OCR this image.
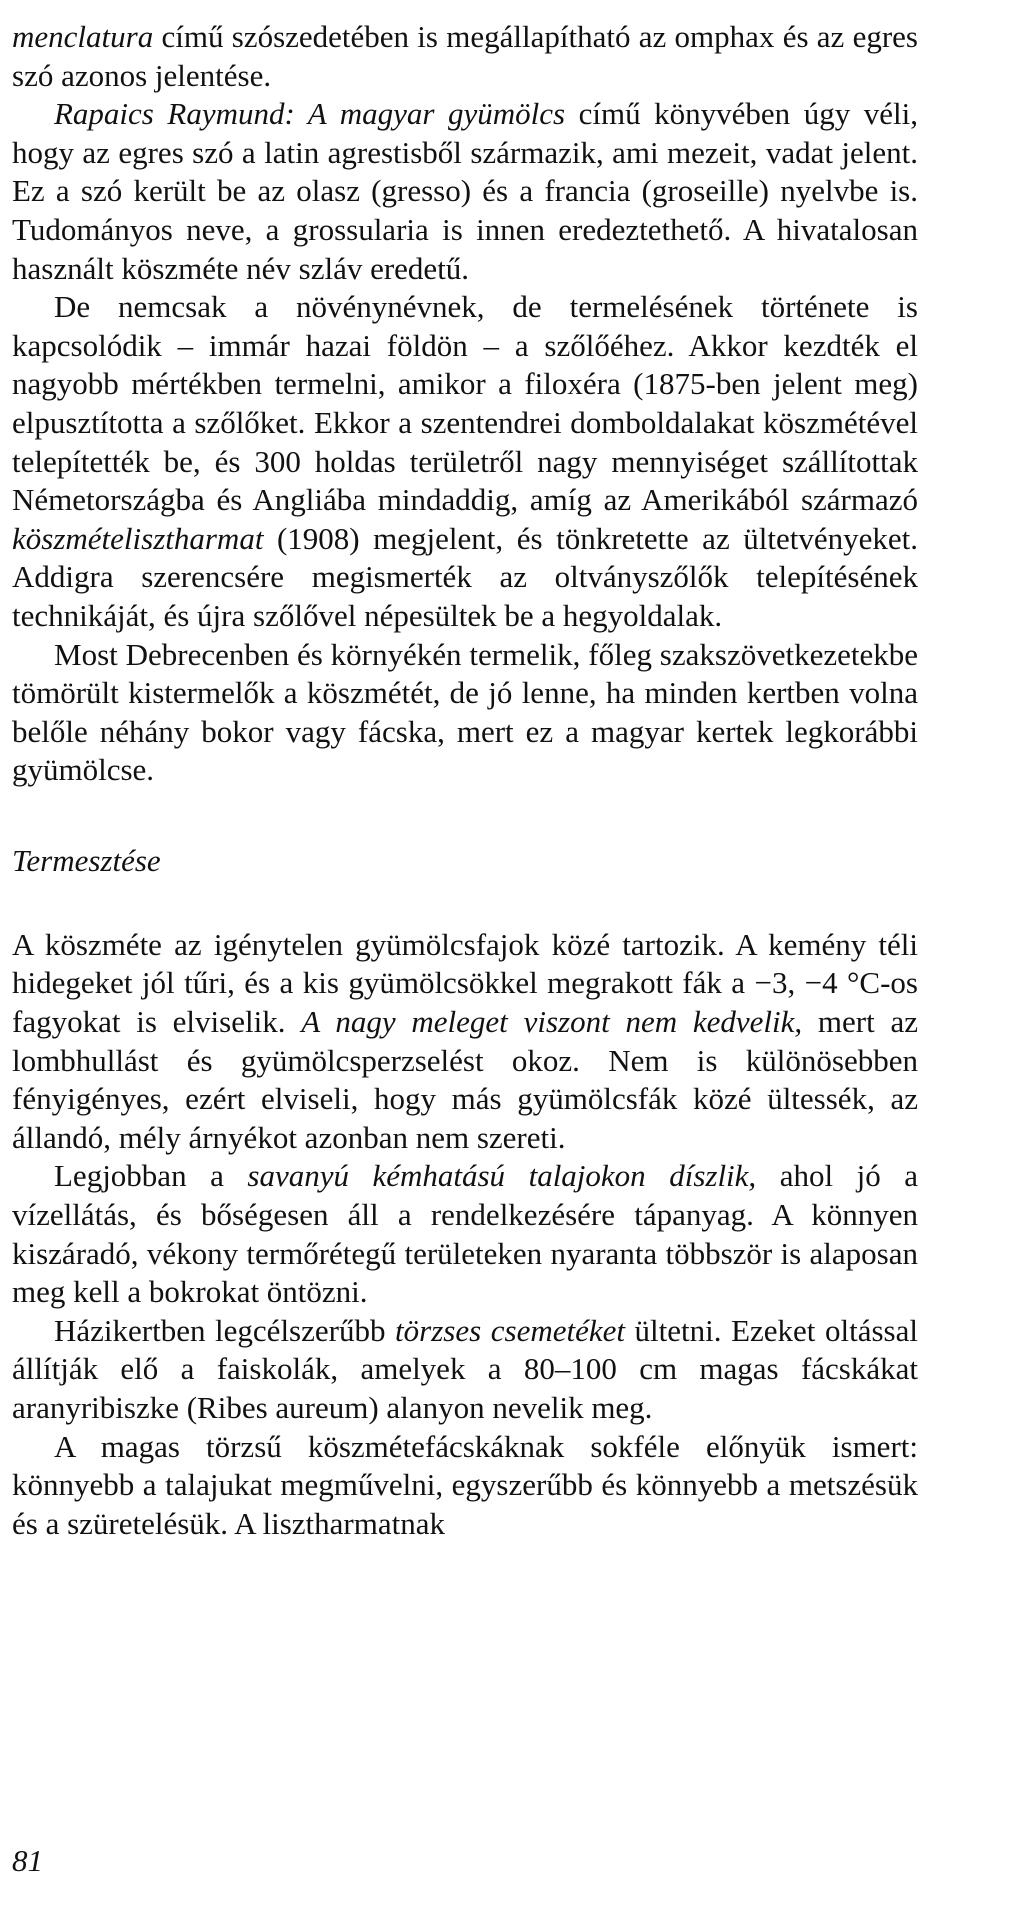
menclatura című szószedetében is megállapítható az omphax és az egres szó azonos jelentése.

Rapaics Raymund: A magyar gyümölcs című könyvében úgy véli, hogy az egres szó a latin agrestisből származik, ami mezeit, vadat jelent. Ez a szó került be az olasz (gresso) és a francia (groseille) nyelvbe is. Tudományos neve, a grossularia is innen eredeztethető. A hivatalosan használt köszméte név szláv eredetű.

De nemcsak a növénynévnek, de termelésének története is kapcsolódik – immár hazai földön – a szőlőéhez. Akkor kezdték el nagyobb mértékben termelni, amikor a filoxéra (1875-ben jelent meg) elpusztította a szőlőket. Ekkor a szentendrei domboldalakat köszmétével telepítették be, és 300 holdas területről nagy mennyiséget szállítottak Németországba és Angliába mindaddig, amíg az Amerikából származó köszmételisztharmat (1908) megjelent, és tönkretette az ültetvényeket. Addigra szerencsére megismerték az oltványszőlők telepítésének technikáját, és újra szőlővel népesültek be a hegyoldalak.

Most Debrecenben és környékén termelik, főleg szakszövetkezetekbe tömörült kistermelők a köszmétét, de jó lenne, ha minden kertben volna belőle néhány bokor vagy fácska, mert ez a magyar kertek legkorábbi gyümölcse.

Termesztése

A köszméte az igénytelen gyümölcsfajok közé tartozik. A kemény téli hidegeket jól tűri, és a kis gyümölcsökkel megrakott fák a −3, −4 °C-os fagyokat is elviselik. A nagy meleget viszont nem kedvelik, mert az lombhullást és gyümölcsperzselést okoz. Nem is különösebben fényigényes, ezért elviseli, hogy más gyümölcsfák közé ültessék, az állandó, mély árnyékot azonban nem szereti.

Legjobban a savanyú kémhatású talajokon díszlik, ahol jó a vízellátás, és bőségesen áll a rendelkezésére tápanyag. A könnyen kiszáradó, vékony termőrétegű területeken nyaranta többször is alaposan meg kell a bokrokat öntözni.

Házikertben legcélszerűbb törzses csemetéket ültetni. Ezeket oltással állítják elő a faiskolák, amelyek a 80–100 cm magas fácskákat aranyribiszke (Ribes aureum) alanyon nevelik meg.

A magas törzsű köszmétefácskáknak sokféle előnyük ismert: könnyebb a talajukat megművelni, egyszerűbb és könnyebb a metszésük és a szüretelésük. A lisztharmatnak

81
